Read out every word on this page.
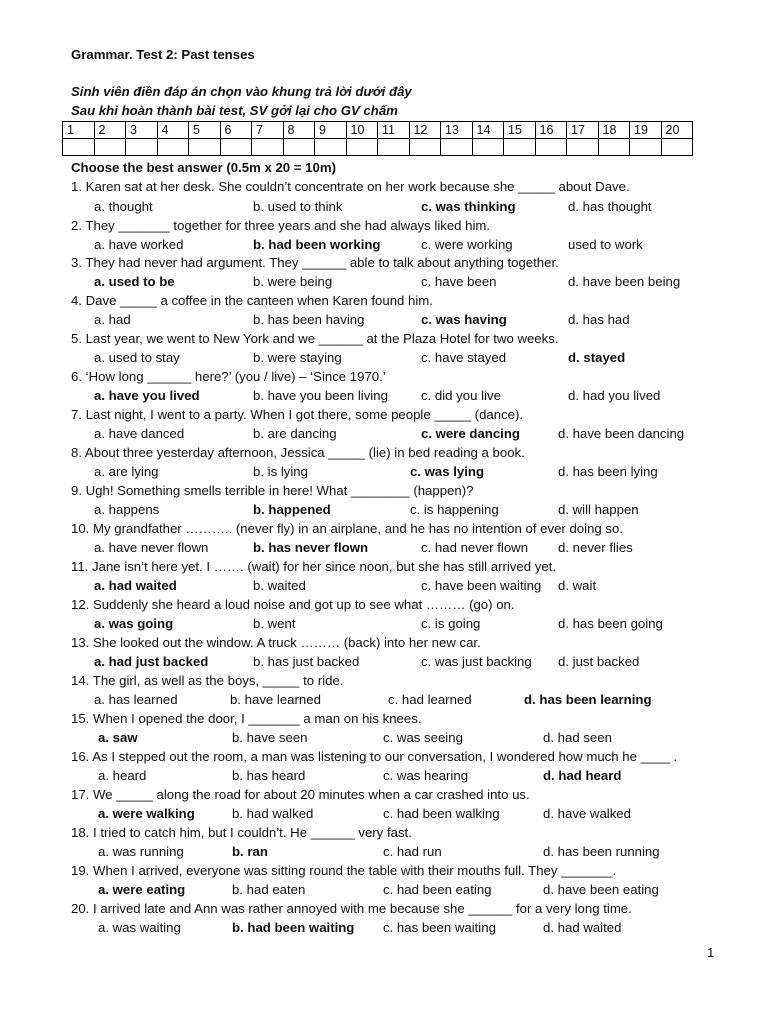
Grammar. Test 2: Past tenses
Sinh viên điền đáp án chọn vào khung trả lời dưới đây
Sau khi hoàn thành bài test, SV gởi lại cho GV chấm
1	2	3	4	5	6	7	8	9	10	11	12	13	14	15	16	17	18	19	20

Choose the best answer (0.5m x 20 = 10m)
1. Karen sat at her desk. She couldn’t concentrate on her work because she _____ about Dave.
a. thought	b. used to think	c. was thinking	d. has thought
2. They _______ together for three years and she had always liked him.
a. have worked	b. had been working	c. were working	used to work
3. They had never had argument. They ______ able to talk about anything together.
a. used to be	b. were being	c. have been	d. have been being
4. Dave _____ a coffee in the canteen when Karen found him.
a. had	b. has been having	c. was having	d. has had
5. Last year, we went to New York and we ______ at the Plaza Hotel for two weeks.
a. used to stay	b. were staying	c. have stayed	d. stayed
6. ‘How long ______ here?’ (you / live) – ‘Since 1970.’
a. have you lived	b. have you been living	c. did you live	d. had you lived
7. Last night, I went to a party. When I got there, some people _____ (dance).
a. have danced	b. are dancing	c. were dancing	d. have been dancing
8. About three yesterday afternoon, Jessica _____ (lie) in bed reading a book.
a. are lying	b. is lying	c. was lying	d. has been lying
9. Ugh! Something smells terrible in here! What ________ (happen)?
a. happens	b. happened	c. is happening	d. will happen
10. My grandfather ……….. (never fly) in an airplane, and he has no intention of ever doing so.
a. have never flown	b. has never flown	c. had never flown d. never flies
11. Jane isn’t here yet. I ……. (wait) for her since noon, but she has still arrived yet.
a. had waited	b. waited	c. have been waiting d. wait
12. Suddenly she heard a loud noise and got up to see what ……… (go) on.
a. was going	b. went	c. is going	d. has been going
13. She looked out the window. A truck ……… (back) into her new car.
a. had just backed	b. has just backed	c. was just backing d. just backed
14. The girl, as well as the boys, _____ to ride.
a. has learned	b. have learned	c. had learned	d. has been learning
15. When I opened the door, I _______ a man on his knees.
a. saw	b. have seen	c. was seeing	d. had seen
16. As I stepped out the room, a man was listening to our conversation, I wondered how much he ____ .
a. heard	b. has heard	c. was hearing	d. had heard
17. We _____ along the road for about 20 minutes when a car crashed into us.
a. were walking	b. had walked	c. had been walking	d. have walked
18. I tried to catch him, but I couldn’t. He ______ very fast.
a. was running	b. ran	c. had run	d. has been running
19. When I arrived, everyone was sitting round the table with their mouths full. They _______.
a. were eating	b. had eaten	c. had been eating	d. have been eating
20. I arrived late and Ann was rather annoyed with me because she ______ for a very long time.
a. was waiting	b. had been waiting c. has been waiting	d. had waited
1
